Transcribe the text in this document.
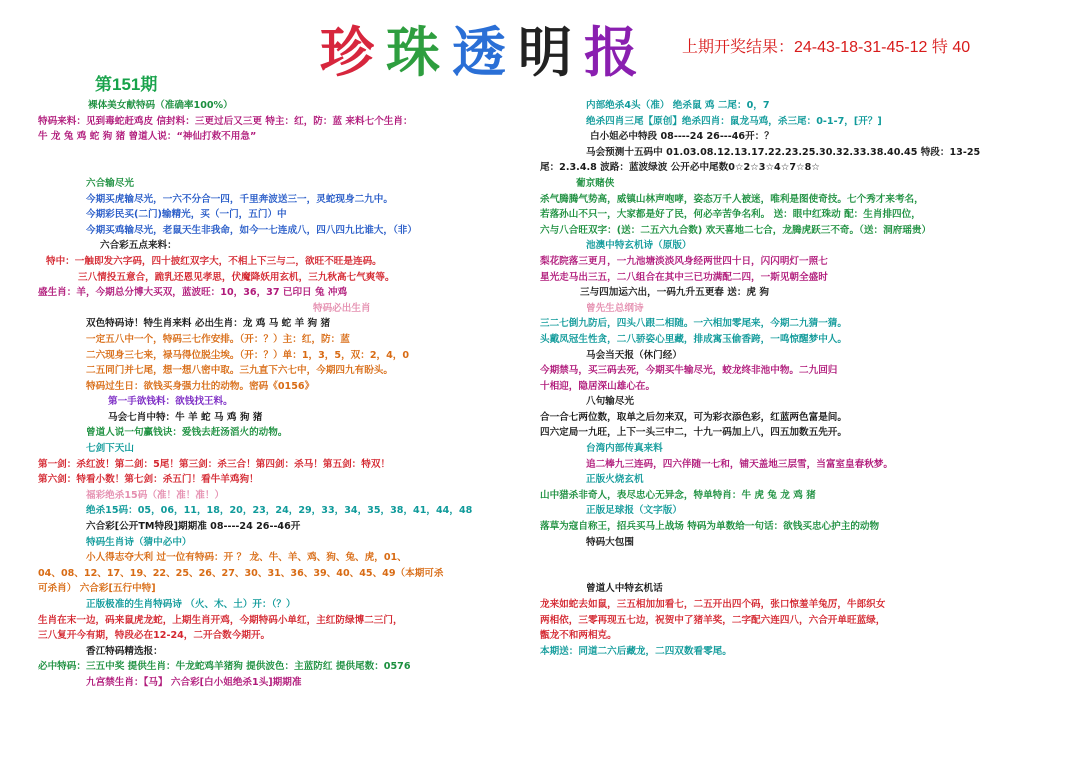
珍珠透明报 上期开奖结果：24-43-18-31-45-12 特 40
第151期
裸体美女献特码（准确率100%）
特码来料：见到毒蛇赶鸡皮 信封料：三更过后又三更 特主：红，防：蓝 来料七个生肖：
牛 龙 兔 鸡 蛇 狗 猪 曾道人说：“神仙打救不用急”
六合输尽光
今期买虎输尽光，一六不分合一四，千里奔波送三一，灵蛇现身二九中。
今期彩民买(二门)输精光，买（一门，五门）中
今期买鸡输尽光，老鼠天生非我命，如今一七连成八，四八四九比谁大，（非）
六合彩五点来料：
特中：一触即发六字码，四十披红双字大，不相上下三与二，欲旺不旺是连码。
三八情投五意合，跪乳还恩见孝思，伏魔降妖用玄机，三九秋高七气爽等。
盛生肖：羊，今期总分博大买双，蓝波旺：10，36，37 已印日 兔 冲鸡
特码必出生肖
双色特码诗！特生肖来料 必出生肖：龙 鸡 马 蛇 羊 狗 猪
一定五八中一个，特码三七作安排。（开：？）主：红，防：蓝
二六现身三七来，禄马得位脱尘埃。（开：？）单：1，3，5，双：2，4，0
二五同门并七尾，想一想八密中取。三九直下六七中，今期四九有盼头。
特码过生日：欲钱买身强力壮的动物。密码《0156》
第一手欲钱料：欲钱找王料。
马会七肖中特：牛 羊 蛇 马 鸡 狗 猪
曾道人说一句赢钱诀：爱钱去赶汤滔火的动物。
七剑下天山
第一剑：杀红波！第二剑：5尾！第三剑：杀三合！第四剑：杀马！第五剑：特双！
第六剑：特看小数！第七剑：杀五门！看牛羊鸡狗！
福彩绝杀15码（准！准！准！）
绝杀15码：05，06，11，18，20，23，24，29，33，34，35，38，41，44，48
六合彩[公开TM特段]期期准 08----24 26--46开
特码生肖诗（猜中必中）
小人得志夺大利 过一位有特码：开 ？ 龙、牛、羊、鸡、狗、兔、虎，01、
04、08、12、17、19、22、25、26、27、30、31、36、39、40、45、49（本期可杀
可杀肖） 六合彩[五行中特]
正版极准的生肖特码诗 （火、木、土）开：（？）
生肖在末一边，码来鼠虎龙蛇，上期生肖开鸡，今期特码小单红，主红防绿博二三门，
三八复开今有期，特段必在12-24，二开合数今期开。
香江特码精选报：
必中特码：三五中奖 提供生肖：牛龙蛇鸡羊猪狗 提供波色：主蓝防红 提供尾数：0576
九宫禁生肖：【马】 六合彩[白小姐绝杀1头]期期准
内部绝杀4头（准） 绝杀鼠 鸡 二尾：0，7
绝杀四肖三尾【原创】绝杀四肖：鼠龙马鸡，杀三尾：0-1-7，[开？]
白小姐必中特段 08----24 26---46开：？
马会预测十五码中 01.03.08.12.13.17.22.23.25.30.32.33.38.40.45 特段：13-25
尾：2.3.4.8 波路：蓝波绿波 公开必中尾数0☆2☆3☆4☆7☆8☆
葡京赌侠
杀气腾腾气势高，威镇山林声咆哮，姿态万千人被迷，唯利是图使奇技。七个秀才来考名，
若落孙山不只一，大家都是好了民，何必辛苦争名利。 送：眼中红珠动 配：生肖排四位，
六与八合旺双字：(送：二五六九合数) 欢天喜地二七合，龙腾虎跃三不奇。（送：洞府瑶贵）
池澳中特玄机诗（原版）
梨花院落三更月，一九池塘淡淡风身经两世四十日，闪闪明灯一照七
星光走马出三五，二八组合在其中三已功满配二四，一斯见朝全盛时
三与四加运六出，一码九升五更春 送：虎 狗
曾先生总纲诗
三二七倒九防后，四头八跟二相随。一六相加零尾来，今期二九猜一猜。
头戴凤冠生性贪，二八骄姿心里藏，排成寓玉偷香跨，一鸣惊醒梦中人。
马会当天报（休门经）
今期禁马，买三码去死，今期买牛输尽光，蛟龙终非池中物。二九回归
十相迎，隐居深山雄心在。
八句输尽光
合一合七两位数，取单之后勿来双，可为彩衣添色彩，红蓝两色富是间。
四六定局一九旺，上下一头三中二，十九一码加上八，四五加数五先开。
台湾内部传真来料
追二棒九三连码，四六伴随一七和，铺天盖地三层雪，当富室皇春秋梦。
正版火烧玄机
山中猎杀非奇人，表尽忠心无异念，特单特肖：牛 虎 兔 龙 鸡 猪
正版足球报（文字版）
落草为寇自称王，招兵买马上战场 特码为单数给一句话：欲钱买忠心护主的动物
特码大包围
曾道人中特玄机话
龙来如蛇去如鼠，三五相加加看七，二五开出四个码，张口惊羞羊兔厉，牛郎织女
两相依，三零再现五七边，祝贺中了猪羊奖，二字配六连四八，六合开单旺蓝绿，
甑龙不和两相克。
本期送：同道二六后藏龙，二四双数看零尾。
